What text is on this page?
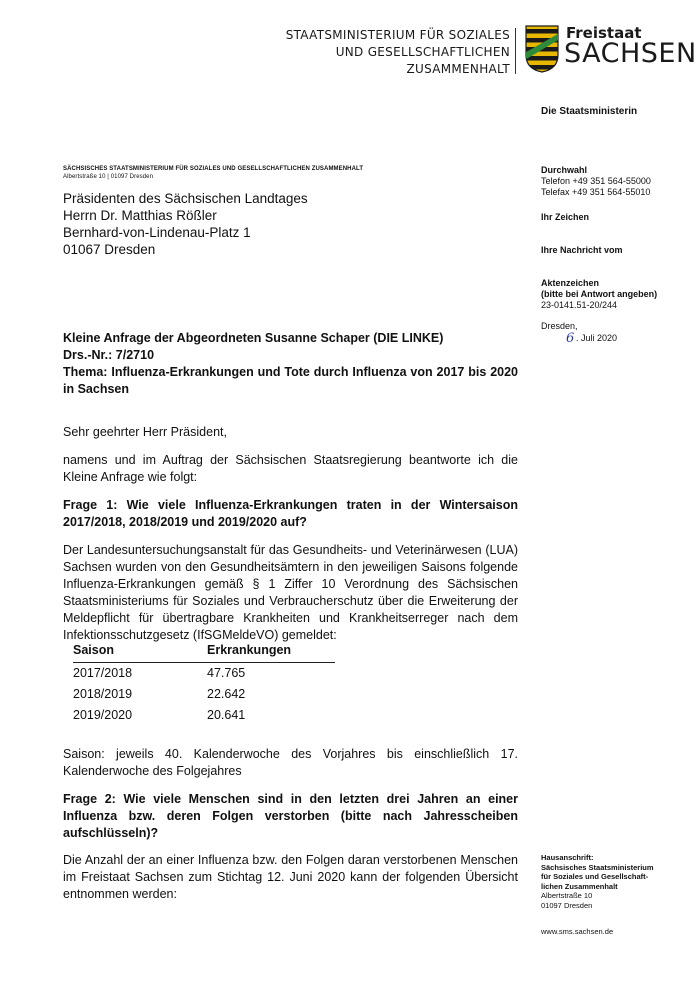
STAATSMINISTERIUM FÜR SOZIALES
UND GESELLSCHAFTLICHEN
ZUSAMMENHALT
Freistaat
SACHSEN
Die Staatsministerin
Durchwahl
Telefon +49 351 564-55000
Telefax +49 351 564-55010
Ihr Zeichen
Ihre Nachricht vom
Aktenzeichen
(bitte bei Antwort angeben)
23-0141.51-20/244
Dresden,
6 . Juli 2020
Hausanschrift:
Sächsisches Staatsministerium
für Soziales und Gesellschaft-
lichen Zusammenhalt
Albertstraße 10
01097 Dresden
www.sms.sachsen.de
SÄCHSISCHES STAATSMINISTERIUM FÜR SOZIALES UND GESELLSCHAFTLICHEN ZUSAMMENHALT
Albertstraße 10 | 01097 Dresden
Präsidenten des Sächsischen Landtages
Herrn Dr. Matthias Rößler
Bernhard-von-Lindenau-Platz 1
01067 Dresden
Kleine Anfrage der Abgeordneten Susanne Schaper (DIE LINKE)
Drs.-Nr.: 7/2710
Thema: Influenza-Erkrankungen und Tote durch Influenza von 2017 bis 2020 in Sachsen
Sehr geehrter Herr Präsident,
namens und im Auftrag der Sächsischen Staatsregierung beantworte ich die Kleine Anfrage wie folgt:
Frage 1: Wie viele Influenza-Erkrankungen traten in der Wintersaison 2017/2018, 2018/2019 und 2019/2020 auf?
Der Landesuntersuchungsanstalt für das Gesundheits- und Veterinärwesen (LUA) Sachsen wurden von den Gesundheitsämtern in den jeweiligen Saisons folgende Influenza-Erkrankungen gemäß § 1 Ziffer 10 Verordnung des Sächsischen Staatsministeriums für Soziales und Verbraucherschutz über die Erweiterung der Meldepflicht für übertragbare Krankheiten und Krankheitserreger nach dem Infektionsschutzgesetz (IfSGMeldeVO) gemeldet:
Saison	Erkrankungen
2017/2018	47.765
2018/2019	22.642
2019/2020	20.641
Saison: jeweils 40. Kalenderwoche des Vorjahres bis einschließlich 17. Kalenderwoche des Folgejahres
Frage 2: Wie viele Menschen sind in den letzten drei Jahren an einer Influenza bzw. deren Folgen verstorben (bitte nach Jahresscheiben aufschlüsseln)?
Die Anzahl der an einer Influenza bzw. den Folgen daran verstorbenen Menschen im Freistaat Sachsen zum Stichtag 12. Juni 2020 kann der folgenden Übersicht entnommen werden:
